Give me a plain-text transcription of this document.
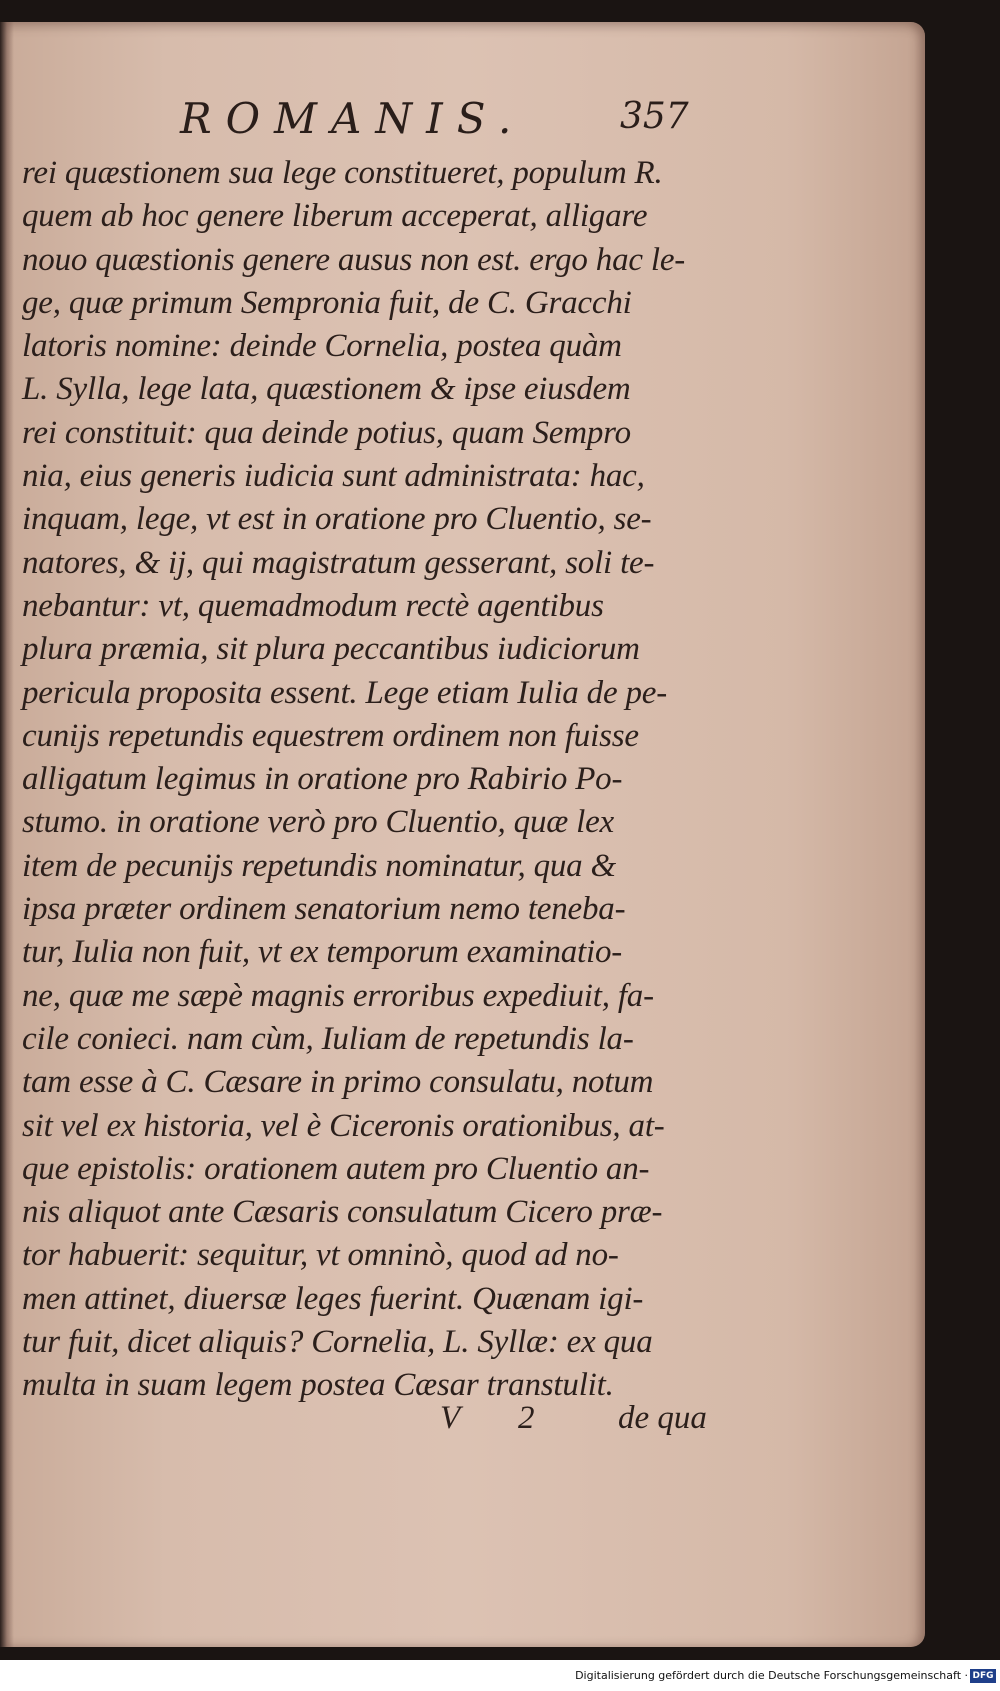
ROMANIS.	357
rei quæstionem sua lege constitueret, populum R.
quem ab hoc genere liberum acceperat, alligare
nouo quæstionis genere ausus non est. ergo hac le-
ge, quæ primum Sempronia fuit, de C. Gracchi
latoris nomine: deinde Cornelia, postea quàm
L. Sylla, lege lata, quæstionem & ipse eiusdem
rei constituit: qua deinde potius, quam Sempro
nia, eius generis iudicia sunt administrata: hac,
inquam, lege, vt est in oratione pro Cluentio, se-
natores, & ij, qui magistratum gesserant, soli te-
nebantur: vt, quemadmodum rectè agentibus
plura præmia, sit plura peccantibus iudiciorum
pericula proposita essent. Lege etiam Iulia de pe-
cunijs repetundis equestrem ordinem non fuisse
alligatum legimus in oratione pro Rabirio Po-
stumo. in oratione verò pro Cluentio, quæ lex
item de pecunijs repetundis nominatur, qua &
ipsa præter ordinem senatorium nemo teneba-
tur, Iulia non fuit, vt ex temporum examinatio-
ne, quæ me sæpè magnis erroribus expediuit, fa-
cile conieci. nam cùm, Iuliam de repetundis la-
tam esse à C. Cæsare in primo consulatu, notum
sit vel ex historia, vel è Ciceronis orationibus, at-
que epistolis: orationem autem pro Cluentio an-
nis aliquot ante Cæsaris consulatum Cicero præ-
tor habuerit: sequitur, vt omninò, quod ad no-
men attinet, diuersæ leges fuerint. Quænam igi-
tur fuit, dicet aliquis? Cornelia, L. Syllæ: ex qua
multa in suam legem postea Cæsar transtulit.
V 2	de qua
Digitalisierung gefördert durch die Deutsche Forschungsgemeinschaft · DFG
